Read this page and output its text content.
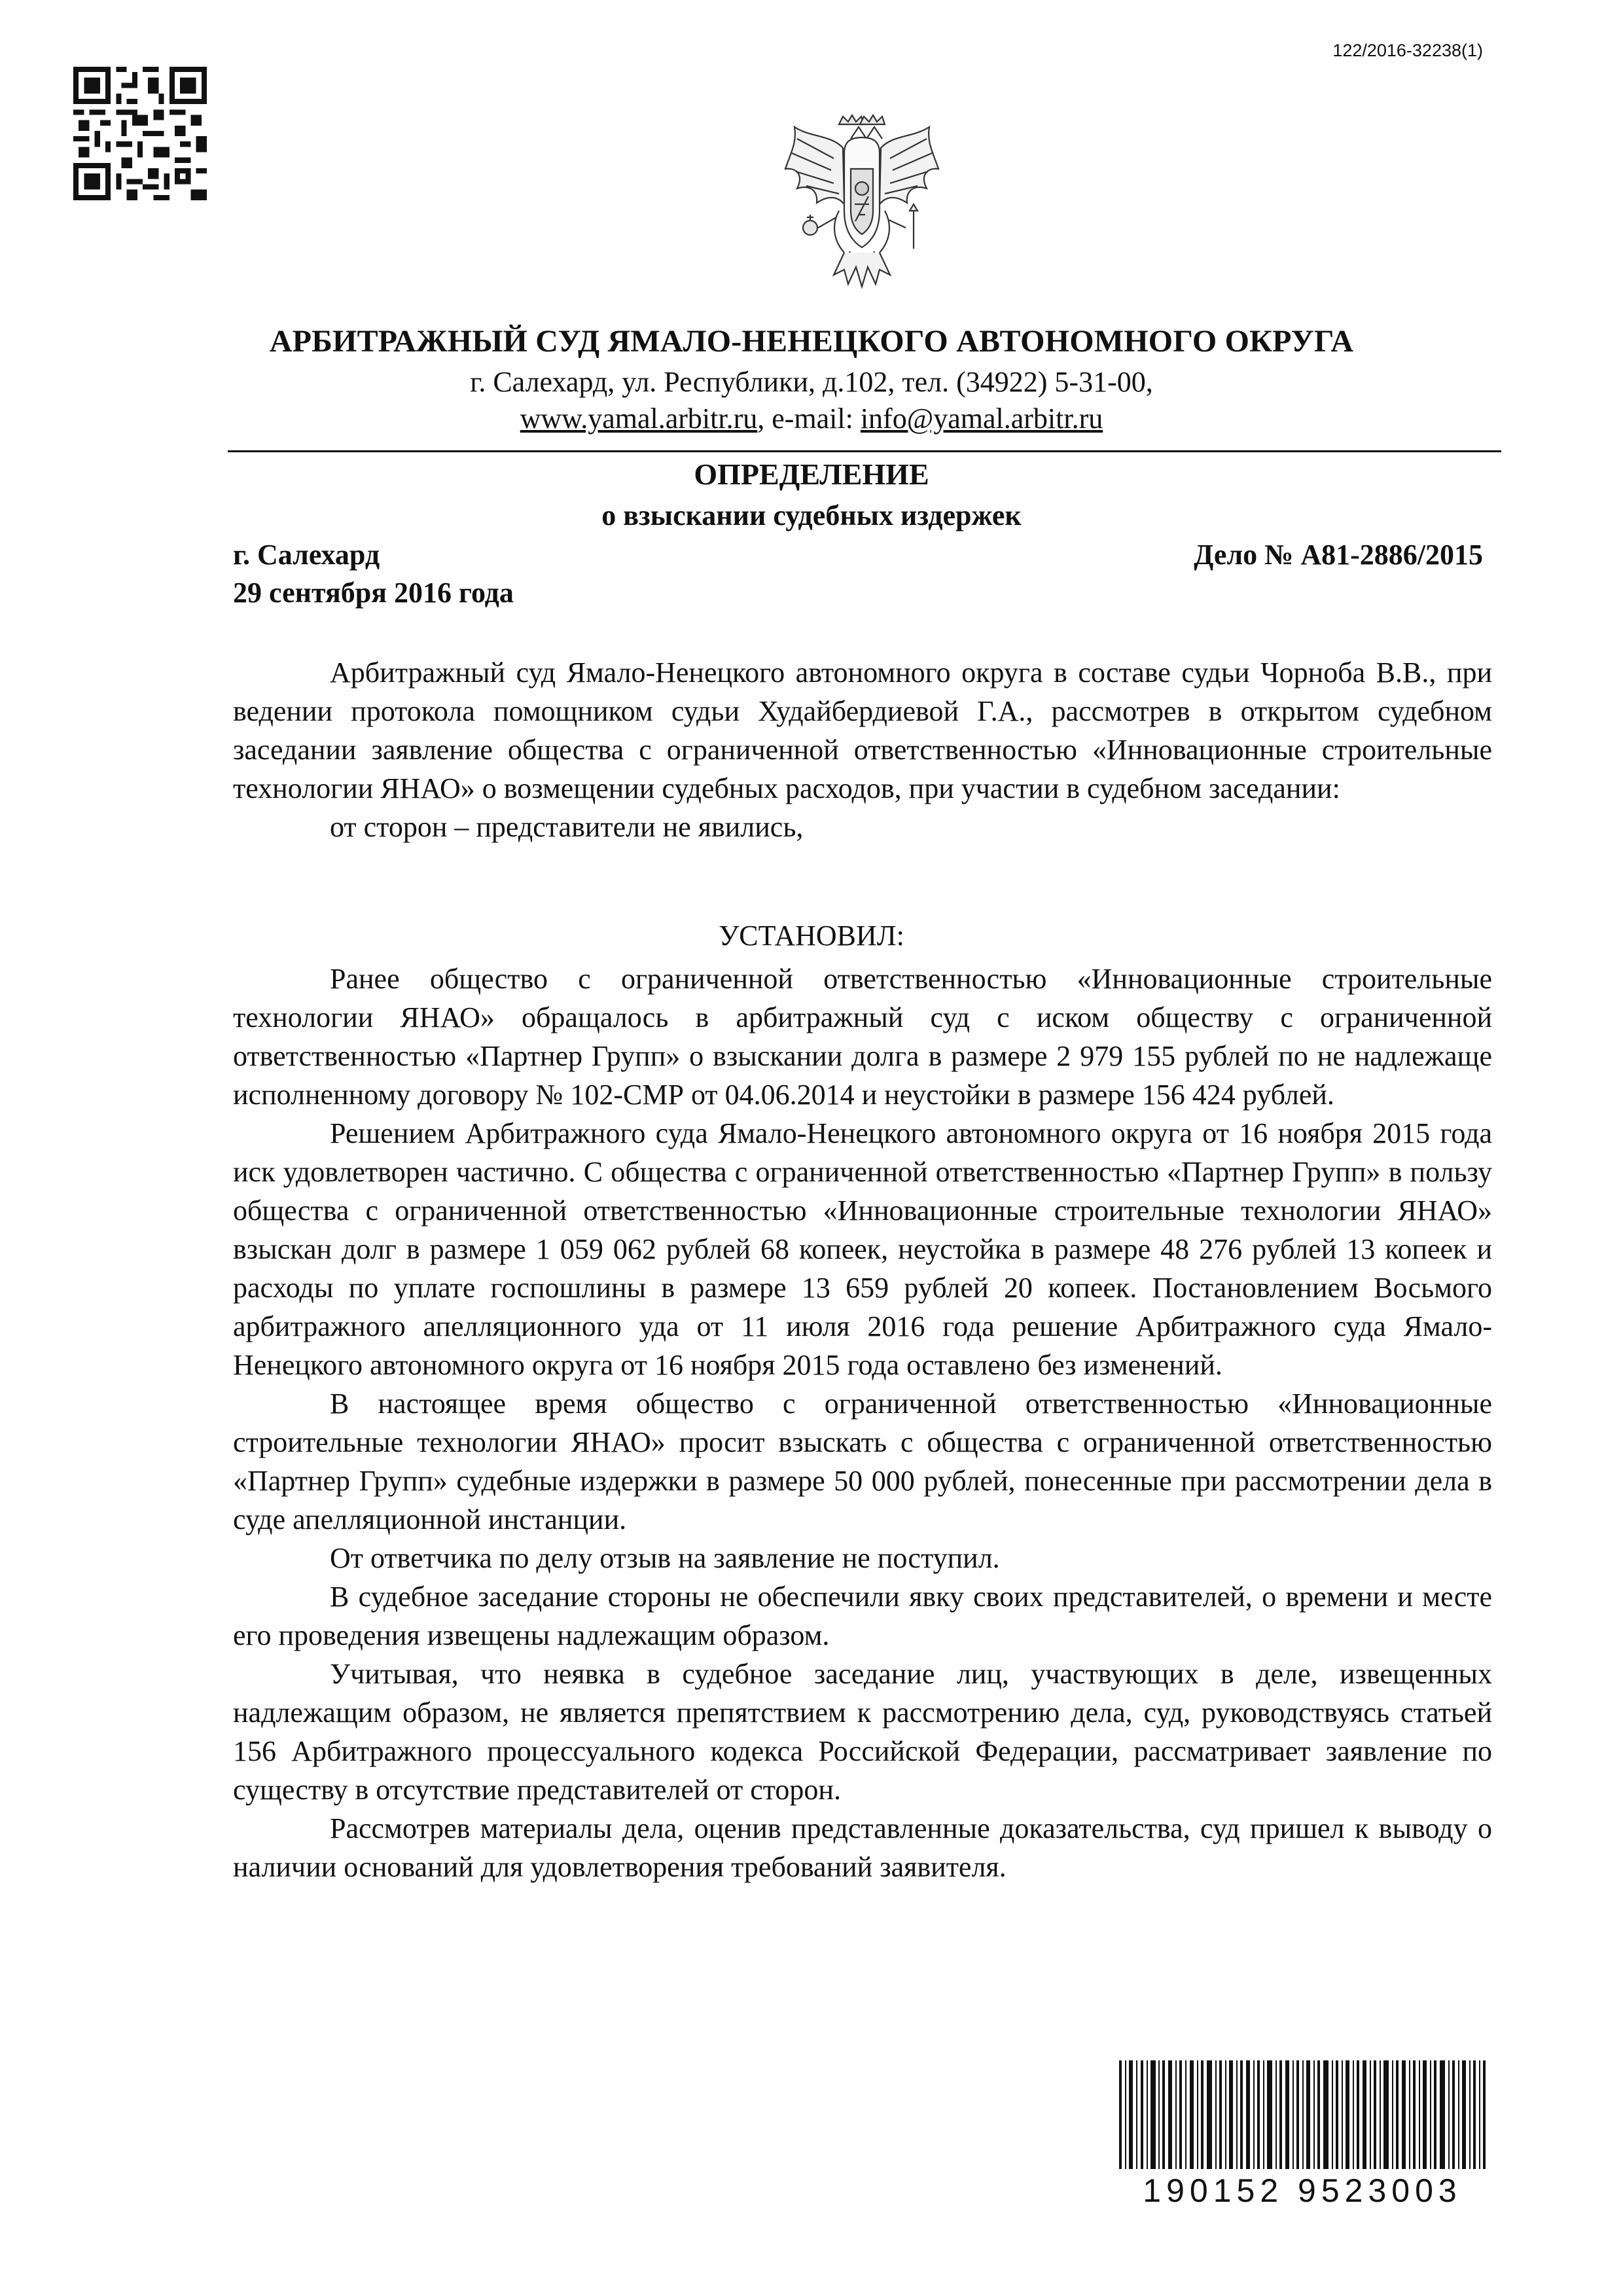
122/2016-32238(1)
АРБИТРАЖНЫЙ СУД ЯМАЛО-НЕНЕЦКОГО АВТОНОМНОГО ОКРУГА
г. Салехард, ул. Республики, д.102, тел. (34922) 5-31-00,
www.yamal.arbitr.ru, e-mail: info@yamal.arbitr.ru
ОПРЕДЕЛЕНИЕ
о взыскании судебных издержек
г. Салехард	Дело № А81-2886/2015
29 сентября 2016 года

Арбитражный суд Ямало-Ненецкого автономного округа в составе судьи Чорноба В.В., при ведении протокола помощником судьи Худайбердиевой Г.А., рассмотрев в открытом судебном заседании заявление общества с ограниченной ответственностью «Инновационные строительные технологии ЯНАО» о возмещении судебных расходов, при участии в судебном заседании:

от сторон – представители не явились,

УСТАНОВИЛ:

Ранее общество с ограниченной ответственностью «Инновационные строительные технологии ЯНАО» обращалось в арбитражный суд с иском обществу с ограниченной ответственностью «Партнер Групп» о взыскании долга в размере 2 979 155 рублей по не надлежаще исполненному договору № 102-СМР от 04.06.2014 и неустойки в размере 156 424 рублей.

Решением Арбитражного суда Ямало-Ненецкого автономного округа от 16 ноября 2015 года иск удовлетворен частично. С общества с ограниченной ответственностью «Партнер Групп» в пользу общества с ограниченной ответственностью «Инновационные строительные технологии ЯНАО» взыскан долг в размере 1 059 062 рублей 68 копеек, неустойка в размере 48 276 рублей 13 копеек и расходы по уплате госпошлины в размере 13 659 рублей 20 копеек. Постановлением Восьмого арбитражного апелляционного уда от 11 июля 2016 года решение Арбитражного суда Ямало-Ненецкого автономного округа от 16 ноября 2015 года оставлено без изменений.

В настоящее время общество с ограниченной ответственностью «Инновационные строительные технологии ЯНАО» просит взыскать с общества с ограниченной ответственностью «Партнер Групп» судебные издержки в размере 50 000 рублей, понесенные при рассмотрении дела в суде апелляционной инстанции.

От ответчика по делу отзыв на заявление не поступил.

В судебное заседание стороны не обеспечили явку своих представителей, о времени и месте его проведения извещены надлежащим образом.

Учитывая, что неявка в судебное заседание лиц, участвующих в деле, извещенных надлежащим образом, не является препятствием к рассмотрению дела, суд, руководствуясь статьей 156 Арбитражного процессуального кодекса Российской Федерации, рассматривает заявление по существу в отсутствие представителей от сторон.

Рассмотрев материалы дела, оценив представленные доказательства, суд пришел к выводу о наличии оснований для удовлетворения требований заявителя.

190152 9523003
